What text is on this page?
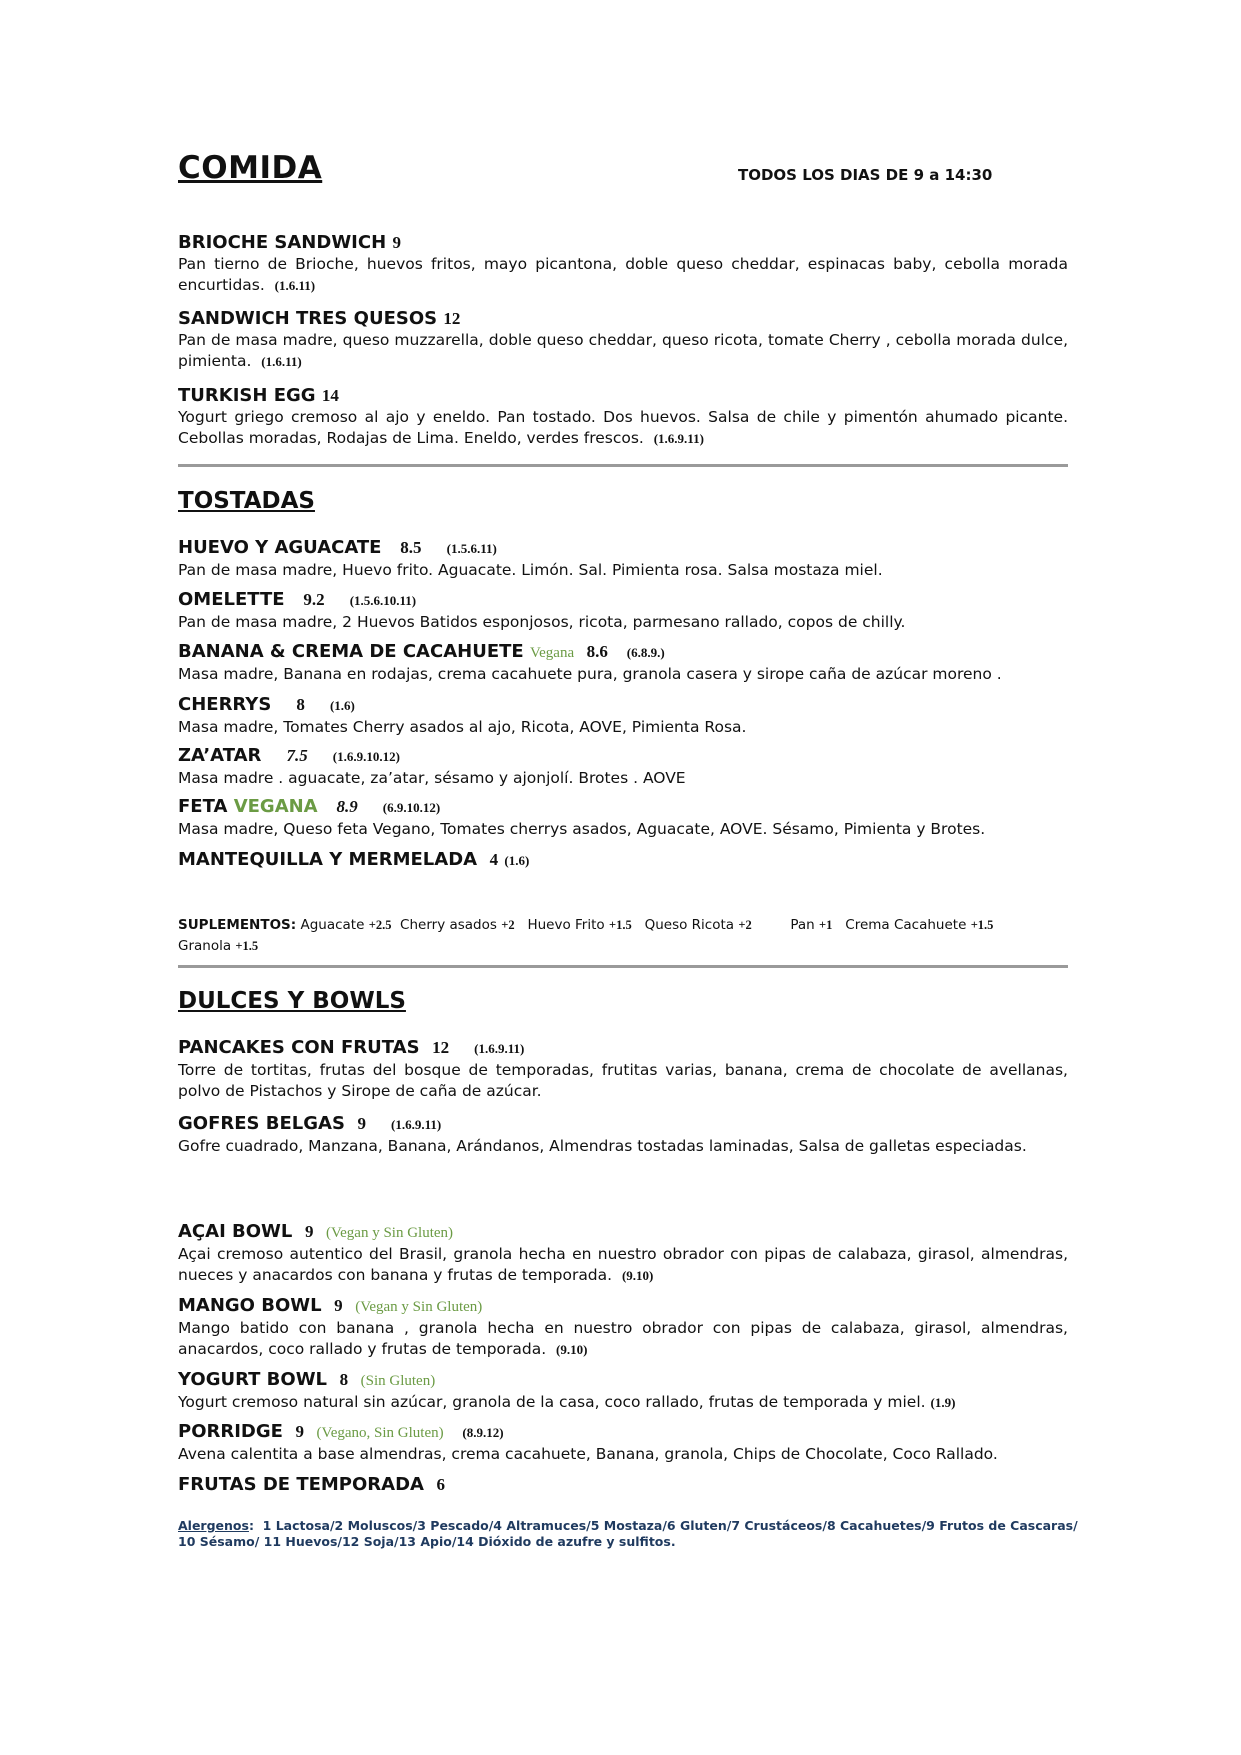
COMIDA	TODOS LOS DIAS DE 9 a 14:30
BRIOCHE SANDWICH 9
Pan tierno de Brioche, huevos fritos, mayo picantona, doble queso cheddar, espinacas baby, cebolla morada encurtidas. (1.6.11)
SANDWICH TRES QUESOS 12
Pan de masa madre, queso muzzarella, doble queso cheddar, queso ricota, tomate Cherry , cebolla morada dulce, pimienta. (1.6.11)
TURKISH EGG 14
Yogurt griego cremoso al ajo y eneldo. Pan tostado. Dos huevos. Salsa de chile y pimentón ahumado picante. Cebollas moradas, Rodajas de Lima. Eneldo, verdes frescos. (1.6.9.11)
TOSTADAS
HUEVO Y AGUACATE 8.5 (1.5.6.11)
Pan de masa madre, Huevo frito. Aguacate. Limón. Sal. Pimienta rosa. Salsa mostaza miel.
OMELETTE 9.2 (1.5.6.10.11)
Pan de masa madre, 2 Huevos Batidos esponjosos, ricota, parmesano rallado, copos de chilly.
BANANA & CREMA DE CACAHUETE Vegana 8.6 (6.8.9.)
Masa madre, Banana en rodajas, crema cacahuete pura, granola casera y sirope caña de azúcar moreno .
CHERRYS 8 (1.6)
Masa madre, Tomates Cherry asados al ajo, Ricota, AOVE, Pimienta Rosa.
ZA’ATAR 7.5 (1.6.9.10.12)
Masa madre . aguacate, za’atar, sésamo y ajonjolí. Brotes . AOVE
FETA VEGANA 8.9 (6.9.10.12)
Masa madre, Queso feta Vegano, Tomates cherrys asados, Aguacate, AOVE. Sésamo, Pimienta y Brotes.
MANTEQUILLA Y MERMELADA 4 (1.6)
SUPLEMENTOS: Aguacate +2.5 Cherry asados +2 Huevo Frito +1.5 Queso Ricota +2	Pan +1 Crema Cacahuete +1.5
Granola +1.5
DULCES Y BOWLS
PANCAKES CON FRUTAS 12 (1.6.9.11)
Torre de tortitas, frutas del bosque de temporadas, frutitas varias, banana, crema de chocolate de avellanas, polvo de Pistachos y Sirope de caña de azúcar.
GOFRES BELGAS 9 (1.6.9.11)
Gofre cuadrado, Manzana, Banana, Arándanos, Almendras tostadas laminadas, Salsa de galletas especiadas.
AÇAI BOWL 9 (Vegan y Sin Gluten)
Açai cremoso autentico del Brasil, granola hecha en nuestro obrador con pipas de calabaza, girasol, almendras, nueces y anacardos con banana y frutas de temporada. (9.10)
MANGO BOWL 9 (Vegan y Sin Gluten)
Mango batido con banana , granola hecha en nuestro obrador con pipas de calabaza, girasol, almendras, anacardos, coco rallado y frutas de temporada. (9.10)
YOGURT BOWL 8 (Sin Gluten)
Yogurt cremoso natural sin azúcar, granola de la casa, coco rallado, frutas de temporada y miel. (1.9)
PORRIDGE 9 (Vegano, Sin Gluten) (8.9.12)
Avena calentita a base almendras, crema cacahuete, Banana, granola, Chips de Chocolate, Coco Rallado.
FRUTAS DE TEMPORADA 6
Alergenos:  1 Lactosa/2 Moluscos/3 Pescado/4 Altramuces/5 Mostaza/6 Gluten/7 Crustáceos/8 Cacahuetes/9 Frutos de Cascaras/
10 Sésamo/ 11 Huevos/12 Soja/13 Apio/14 Dióxido de azufre y sulfitos.
